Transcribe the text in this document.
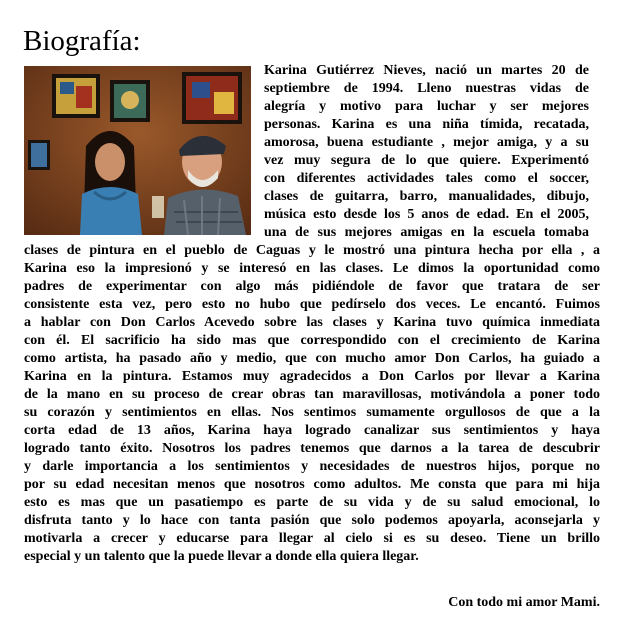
Biografía:
Karina Gutiérrez Nieves, nació un martes 20 de
septiembre de 1994. Lleno nuestras vidas de
alegría y motivo para luchar y ser mejores
personas. Karina es una niña tímida, recatada,
amorosa, buena estudiante , mejor amiga, y a su
vez muy segura de lo que quiere. Experimentó
con diferentes actividades tales como el soccer,
clases de guitarra, barro, manualidades, dibujo,
música esto desde los 5 anos de edad. En el 2005,
una de sus mejores amigas en la escuela tomaba
clases de pintura en el pueblo de Caguas y le mostró una pintura hecha por ella , a
Karina eso la impresionó y se interesó en las clases. Le dimos la oportunidad como
padres de experimentar con algo más pidiéndole de favor que tratara de ser
consistente esta vez, pero esto no hubo que pedírselo dos veces. Le encantó. Fuimos
a hablar con Don Carlos Acevedo sobre las clases y Karina tuvo química inmediata
con él. El sacrificio ha sido mas que correspondido con el crecimiento de Karina
como artista, ha pasado año y medio, que con mucho amor Don Carlos, ha guiado a
Karina en la pintura. Estamos muy agradecidos a Don Carlos por llevar a Karina
de la mano en su proceso de crear obras tan maravillosas, motivándola a poner todo
su corazón y sentimientos en ellas. Nos sentimos sumamente orgullosos de que a la
corta edad de 13 años, Karina haya logrado canalizar sus sentimientos y haya
logrado tanto éxito. Nosotros los padres tenemos que darnos a la tarea de descubrir
y darle importancia a los sentimientos y necesidades de nuestros hijos, porque no
por su edad necesitan menos que nosotros como adultos. Me consta que para mi hija
esto es mas que un pasatiempo es parte de su vida y de su salud emocional, lo
disfruta tanto y lo hace con tanta pasión que solo podemos apoyarla, aconsejarla y
motivarla a crecer y educarse para llegar al cielo si es su deseo. Tiene un brillo
especial y un talento que la puede llevar a donde ella quiera llegar.
Con todo mi amor Mami.
